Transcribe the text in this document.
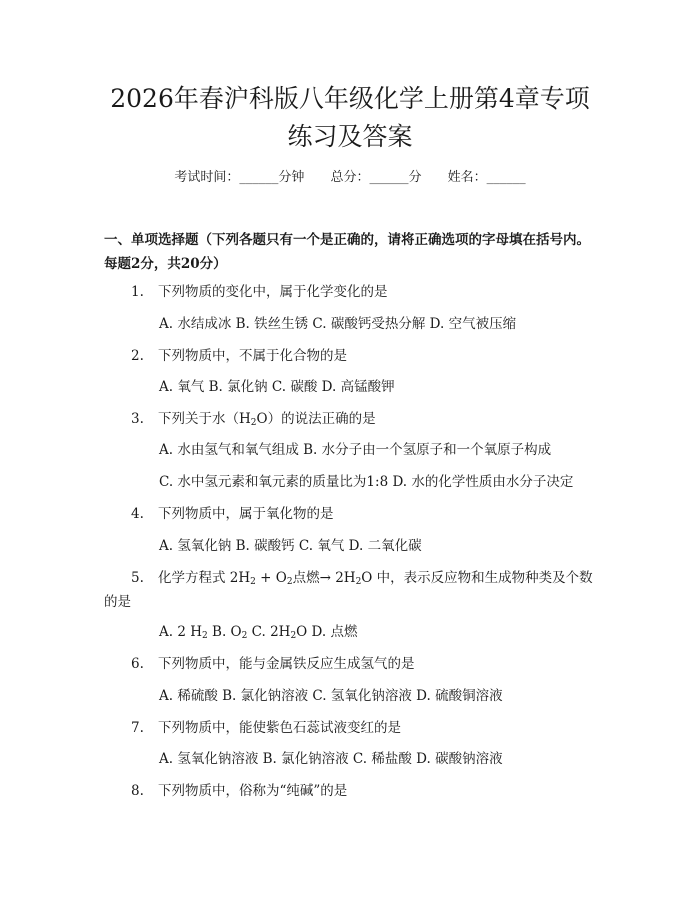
2026年春沪科版八年级化学上册第4章专项
练习及答案
考试时间：______分钟 总分：______分 姓名：______

一、单项选择题（下列各题只有一个是正确的，请将正确选项的字母填在括号内。每题2分，共20分）

1. 下列物质的变化中，属于化学变化的是
A. 水结成冰 B. 铁丝生锈 C. 碳酸钙受热分解 D. 空气被压缩
2. 下列物质中，不属于化合物的是
A. 氧气 B. 氯化钠 C. 碳酸 D. 高锰酸钾
3. 下列关于水$(H_2O)$的说法正确的是
A. 水由氢气和氧气组成 B. 水分子由一个氢原子和一个氧原子构成
C. 水中氢元素和氧元素的质量比为1:8 D. 水的化学性质由水分子决定
4. 下列物质中，属于氧化物的是
A. 氢氧化钠 B. 碳酸钙 C. 氧气 D. 二氧化碳
5. 化学方程式 $2H_2 + O_2$点燃→ $2H_2O$ 中，表示反应物和生成物种类及个数的是
A. 2 $H_2$ B. $O_2$ C. $2H_2O$ D. 点燃
6. 下列物质中，能与金属铁反应生成氢气的是
A. 稀硫酸 B. 氯化钠溶液 C. 氢氧化钠溶液 D. 硫酸铜溶液
7. 下列物质中，能使紫色石蕊试液变红的是
A. 氢氧化钠溶液 B. 氯化钠溶液 C. 稀盐酸 D. 碳酸钠溶液
8. 下列物质中，俗称为“纯碱”的是
